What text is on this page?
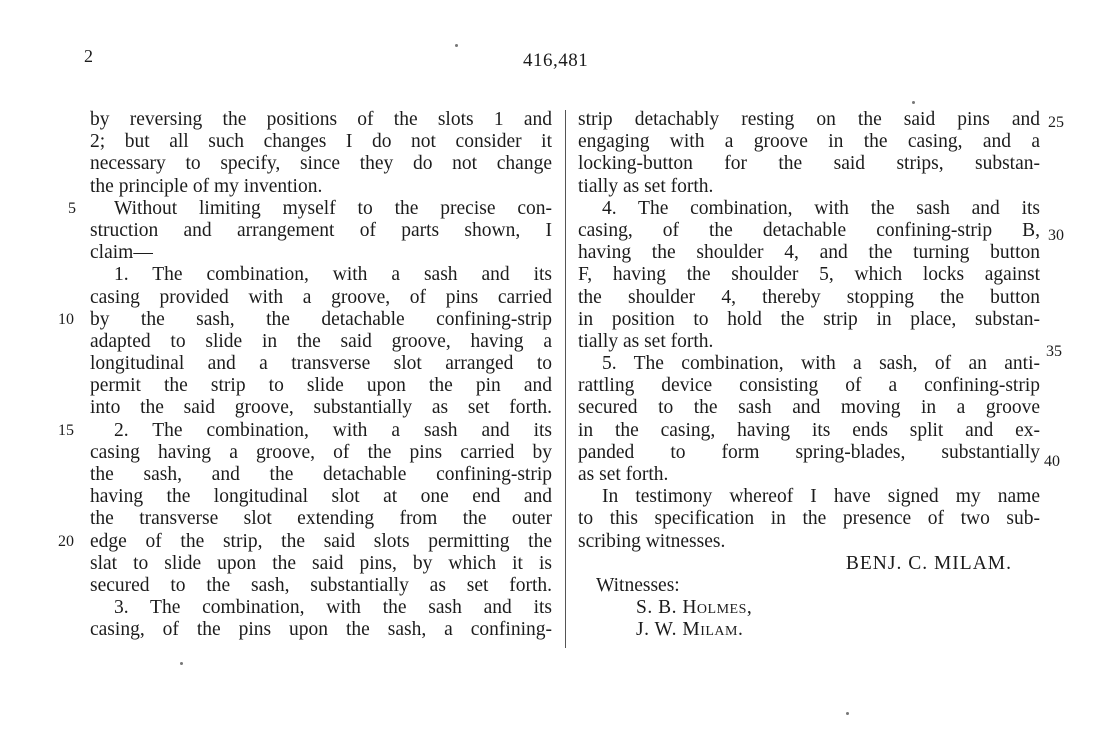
2	416,481
5
10
15
20
25
30
35
40
by reversing the positions of the slots 1 and
2; but all such changes I do not consider it
necessary to specify, since they do not change
the principle of my invention.
Without limiting myself to the precise con-
struction and arrangement of parts shown, I
claim—
1. The combination, with a sash and its
casing provided with a groove, of pins carried
by the sash, the detachable confining-strip
adapted to slide in the said groove, having a
longitudinal and a transverse slot arranged to
permit the strip to slide upon the pin and
into the said groove, substantially as set forth.
2. The combination, with a sash and its
casing having a groove, of the pins carried by
the sash, and the detachable confining-strip
having the longitudinal slot at one end and
the transverse slot extending from the outer
edge of the strip, the said slots permitting the
slat to slide upon the said pins, by which it is
secured to the sash, substantially as set forth.
3. The combination, with the sash and its
casing, of the pins upon the sash, a confining-
strip detachably resting on the said pins and
engaging with a groove in the casing, and a
locking-button for the said strips, substan-
tially as set forth.
4. The combination, with the sash and its
casing, of the detachable confining-strip B,
having the shoulder 4, and the turning button
F, having the shoulder 5, which locks against
the shoulder 4, thereby stopping the button
in position to hold the strip in place, substan-
tially as set forth.
5. The combination, with a sash, of an anti-
rattling device consisting of a confining-strip
secured to the sash and moving in a groove
in the casing, having its ends split and ex-
panded to form spring-blades, substantially
as set forth.
In testimony whereof I have signed my name
to this specification in the presence of two sub-
scribing witnesses.
BENJ. C. MILAM.
Witnesses:
S. B. Holmes,
J. W. Milam.
